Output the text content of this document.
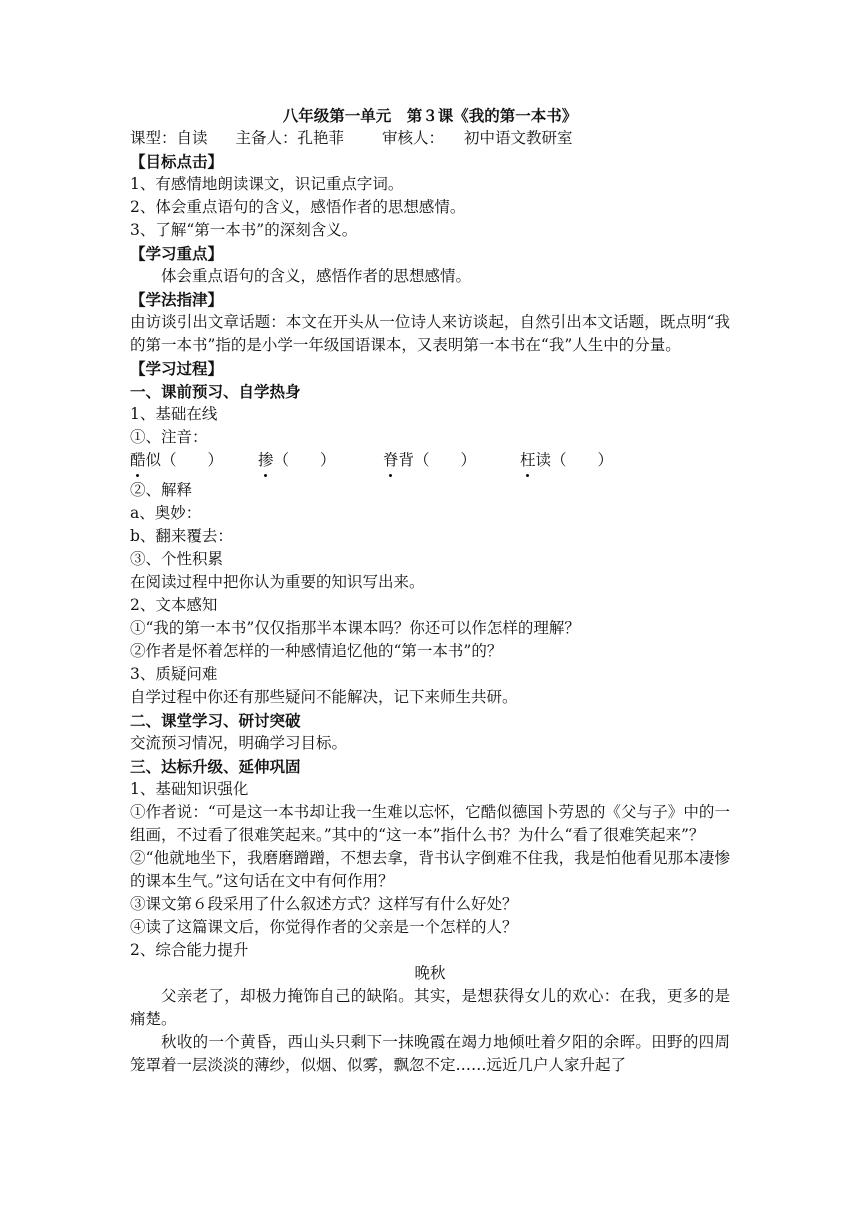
八年级第一单元　第３课《我的第一本书》
课型：自读 主备人：孔艳菲 审核人： 初中语文教研室
【目标点击】
1、有感情地朗读课文，识记重点字词。
2、体会重点语句的含义，感悟作者的思想感情。
3、了解“第一本书”的深刻含义。
【学习重点】
体会重点语句的含义，感悟作者的思想感情。
【学法指津】
由访谈引出文章话题：本文在开头从一位诗人来访谈起，自然引出本文话题，既点明“我的第一本书”指的是小学一年级国语课本，又表明第一本书在“我”人生中的分量。
【学习过程】
一、课前预习、自学热身
1、基础在线
①、注音：
酷似（　　） 掺（　　）	脊背（　　）	枉读（　　）
②、解释
a、奥妙：
b、翻来覆去：
③、个性积累
在阅读过程中把你认为重要的知识写出来。
2、文本感知
①“我的第一本书”仅仅指那半本课本吗？你还可以作怎样的理解？
②作者是怀着怎样的一种感情追忆他的“第一本书”的？
3、质疑问难
自学过程中你还有那些疑问不能解决，记下来师生共研。
二、课堂学习、研讨突破
交流预习情况，明确学习目标。
三、达标升级、延伸巩固
1、基础知识强化
①作者说：“可是这一本书却让我一生难以忘怀，它酷似德国卜劳恩的《父与子》中的一组画，不过看了很难笑起来。”其中的“这一本”指什么书？为什么“看了很难笑起来”？
②“他就地坐下，我磨磨蹭蹭，不想去拿，背书认字倒难不住我，我是怕他看见那本凄惨的课本生气。”这句话在文中有何作用？
③课文第６段采用了什么叙述方式？这样写有什么好处？
④读了这篇课文后，你觉得作者的父亲是一个怎样的人？
2、综合能力提升
晚秋
父亲老了，却极力掩饰自己的缺陷。其实，是想获得女儿的欢心：在我，更多的是痛楚。
秋收的一个黄昏，西山头只剩下一抹晚霞在竭力地倾吐着夕阳的余晖。田野的四周笼罩着一层淡淡的薄纱，似烟、似雾，飘忽不定……远近几户人家升起了
